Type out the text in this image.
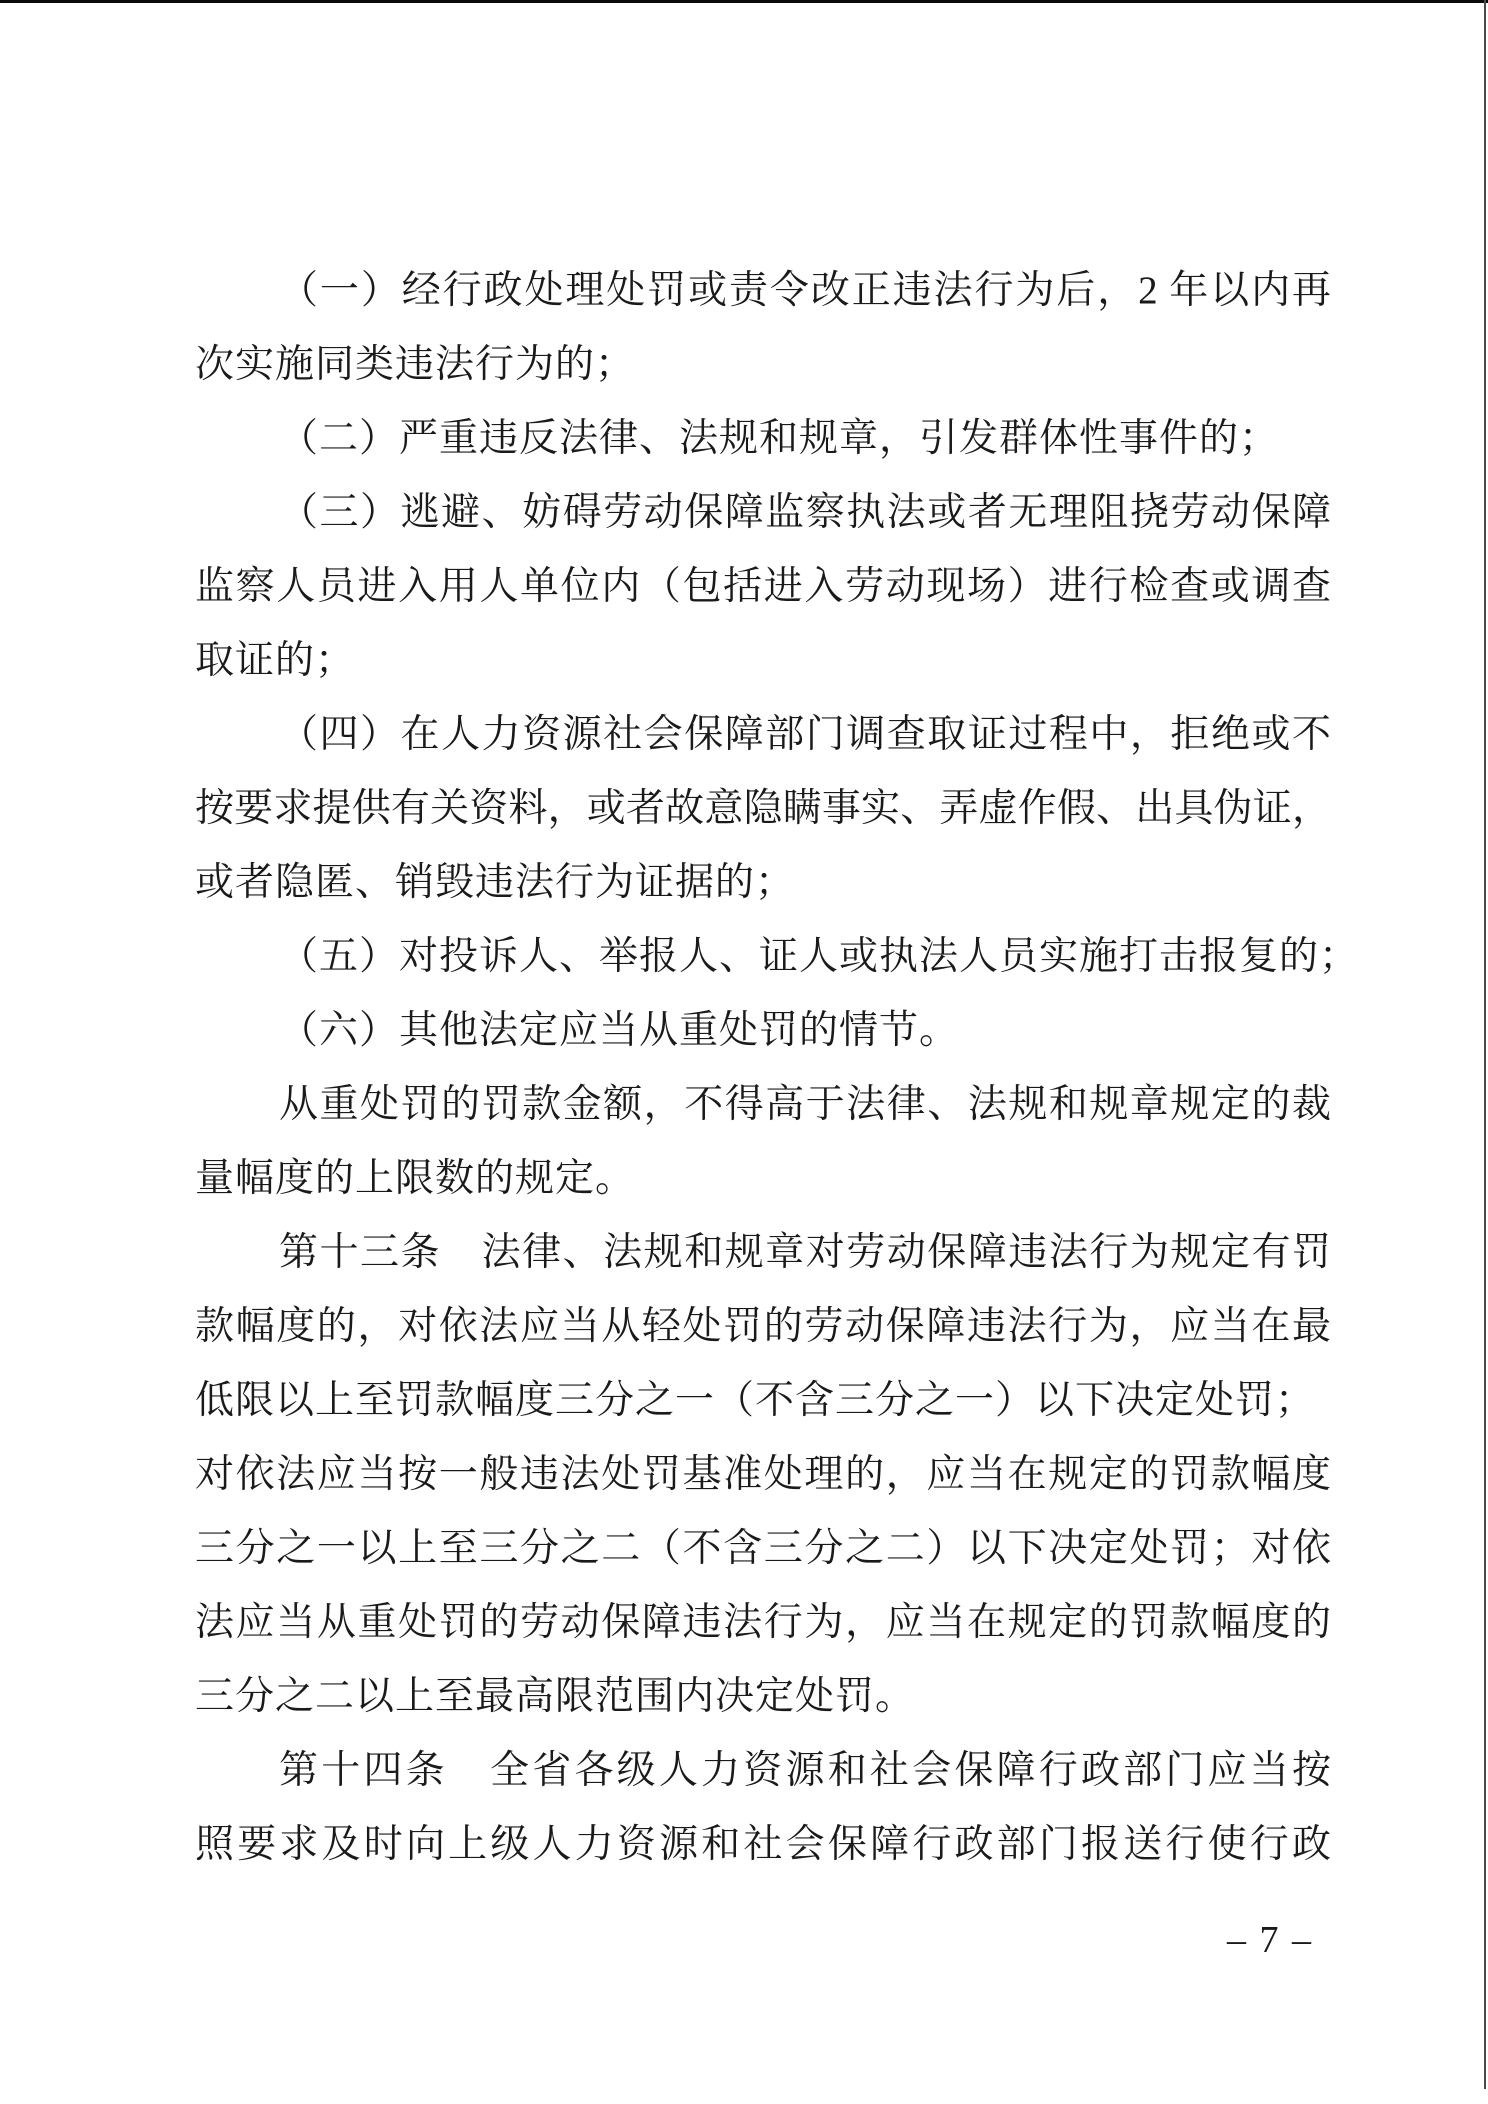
（一）经行政处理处罚或责令改正违法行为后，2 年以内再
次实施同类违法行为的；
（二）严重违反法律、法规和规章，引发群体性事件的；
（三）逃避、妨碍劳动保障监察执法或者无理阻挠劳动保障
监察人员进入用人单位内（包括进入劳动现场）进行检查或调查
取证的；
（四）在人力资源社会保障部门调查取证过程中，拒绝或不
按要求提供有关资料，或者故意隐瞒事实、弄虚作假、出具伪证，
或者隐匿、销毁违法行为证据的；
（五）对投诉人、举报人、证人或执法人员实施打击报复的；
（六）其他法定应当从重处罚的情节。
从重处罚的罚款金额，不得高于法律、法规和规章规定的裁
量幅度的上限数的规定。
第十三条　法律、法规和规章对劳动保障违法行为规定有罚
款幅度的，对依法应当从轻处罚的劳动保障违法行为，应当在最
低限以上至罚款幅度三分之一（不含三分之一）以下决定处罚；
对依法应当按一般违法处罚基准处理的，应当在规定的罚款幅度
三分之一以上至三分之二（不含三分之二）以下决定处罚；对依
法应当从重处罚的劳动保障违法行为，应当在规定的罚款幅度的
三分之二以上至最高限范围内决定处罚。
第十四条　全省各级人力资源和社会保障行政部门应当按
照要求及时向上级人力资源和社会保障行政部门报送行使行政
– 7 –
